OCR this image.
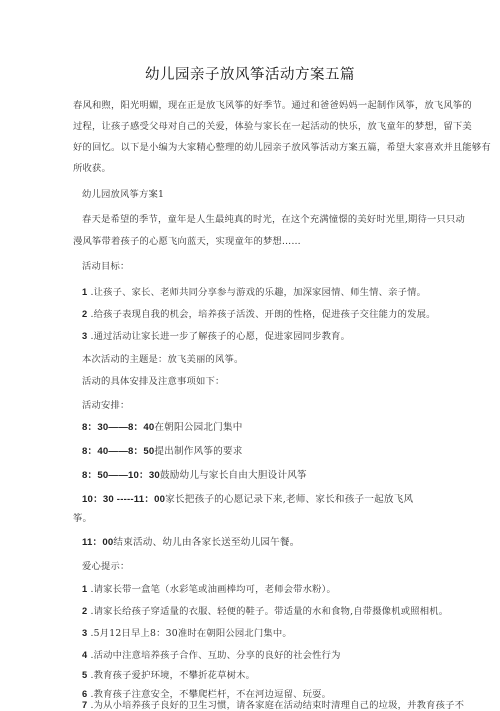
幼儿园亲子放风筝活动方案五篇
春风和煦，阳光明媚，现在正是放飞风筝的好季节。通过和爸爸妈妈一起制作风筝，放飞风筝的
过程，让孩子感受父母对自己的关爱，体验与家长在一起活动的快乐，放飞童年的梦想，留下美
好的回忆。以下是小编为大家精心整理的幼儿园亲子放风筝活动方案五篇，希望大家喜欢并且能够有
所收获。
幼儿园放风筝方案1
春天是希望的季节，童年是人生最纯真的时光，在这个充满憧憬的美好时光里,期待一只只动
漫风筝带着孩子的心愿飞向蓝天，实现童年的梦想……
活动目标：
1 .让孩子、家长、老师共同分享参与游戏的乐趣，加深家园情、师生情、亲子情。
2 .给孩子表现自我的机会，培养孩子活泼、开朗的性格，促进孩子交往能力的发展。
3 .通过活动让家长进一步了解孩子的心愿，促进家园同步教育。
本次活动的主题是：放飞美丽的风筝。
活动的具体安排及注意事项如下：
活动安排：
8：30——8：40在朝阳公园北门集中
8：40——8：50提出制作风筝的要求
8：50——10：30鼓励幼儿与家长自由大胆设计风筝
10：30 -----11：00家长把孩子的心愿记录下来,老师、家长和孩子一起放飞风
筝。
11：00结束活动、幼儿由各家长送至幼儿园午餐。
爱心提示：
1 .请家长带一盒笔（水彩笔或油画棒均可，老师会带水粉）。
2 .请家长给孩子穿适量的衣服、轻便的鞋子。带适量的水和食物,自带摄像机或照相机。
3 .5月12日早上8：30准时在朝阳公园北门集中。
4 .活动中注意培养孩子合作、互助、分享的良好的社会性行为
5 .教育孩子爱护环境，不攀折花草树木。
6 .教育孩子注意安全，不攀爬栏杆，不在河边逗留、玩耍。
7 .为从小培养孩子良好的卫生习惯，请各家庭在活动结束时清理自己的垃圾，并教育孩子不
